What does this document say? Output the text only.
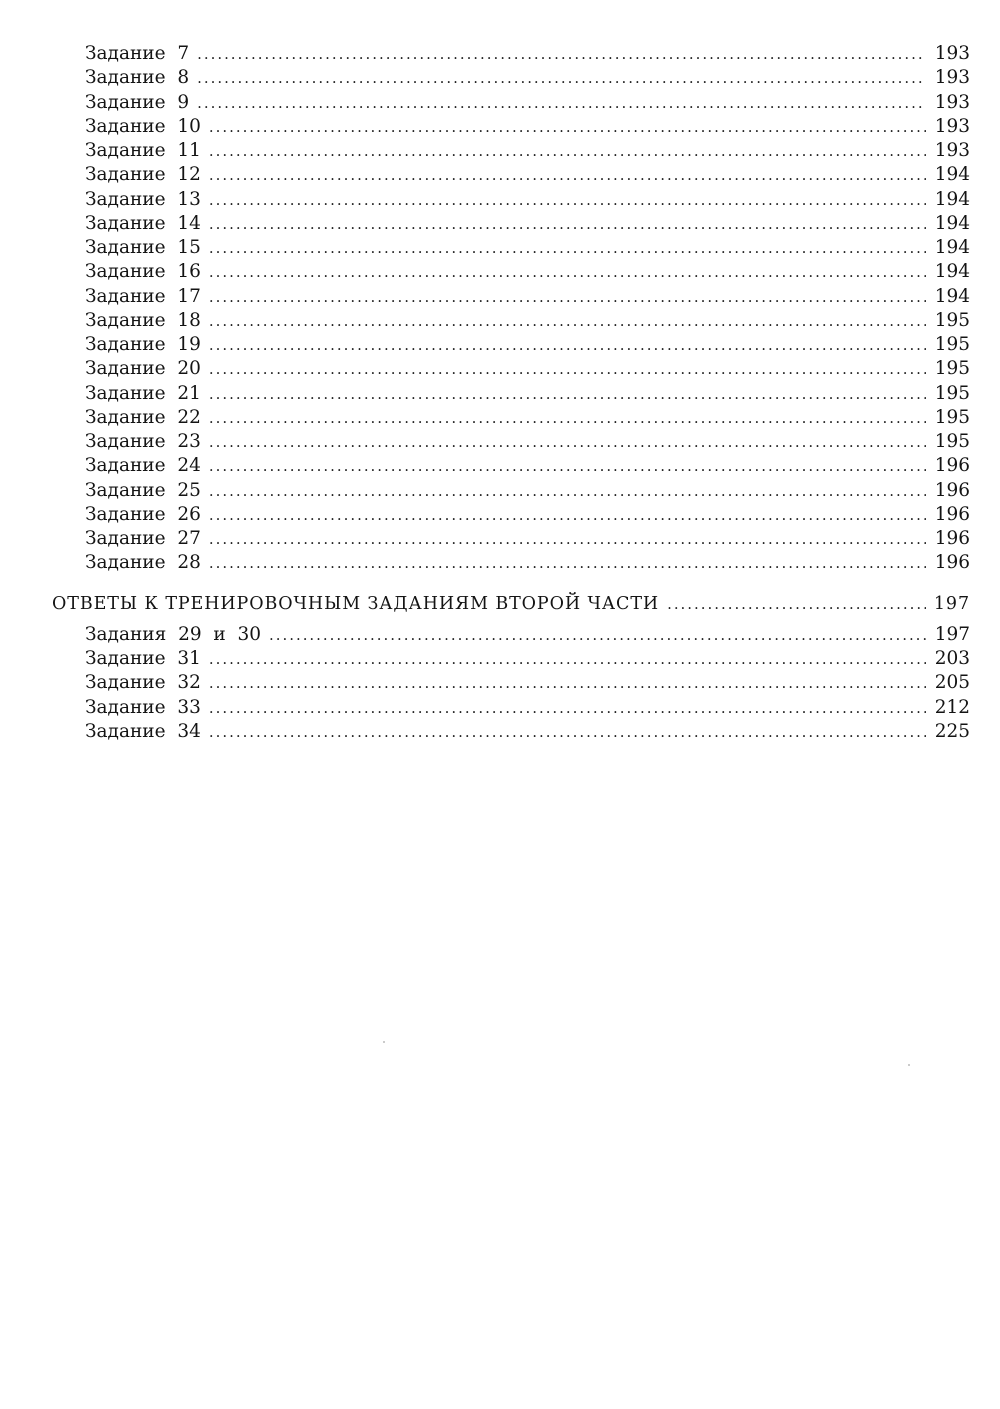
Задание  7 . . .	193
Задание  8 . . .	193
Задание  9 . . .	193
Задание  10 . . .	193
Задание  11 . . .	193
Задание  12 . . .	194
Задание  13 . . .	194
Задание  14 . . .	194
Задание  15 . . .	194
Задание  16 . . .	194
Задание  17 . . .	194
Задание  18 . . .	195
Задание  19 . . .	195
Задание  20 . . .	195
Задание  21 . . .	195
Задание  22 . . .	195
Задание  23 . . .	195
Задание  24 . . .	196
Задание  25 . . .	196
Задание  26 . . .	196
Задание  27 . . .	196
Задание  28 . . .	196
ОТВЕТЫ К ТРЕНИРОВОЧНЫМ ЗАДАНИЯМ ВТОРОЙ ЧАСТИ . . .	197
Задания  29  и  30 . . .	197
Задание  31 . . .	203
Задание  32 . . .	205
Задание  33 . . .	212
Задание  34 . . .	225
